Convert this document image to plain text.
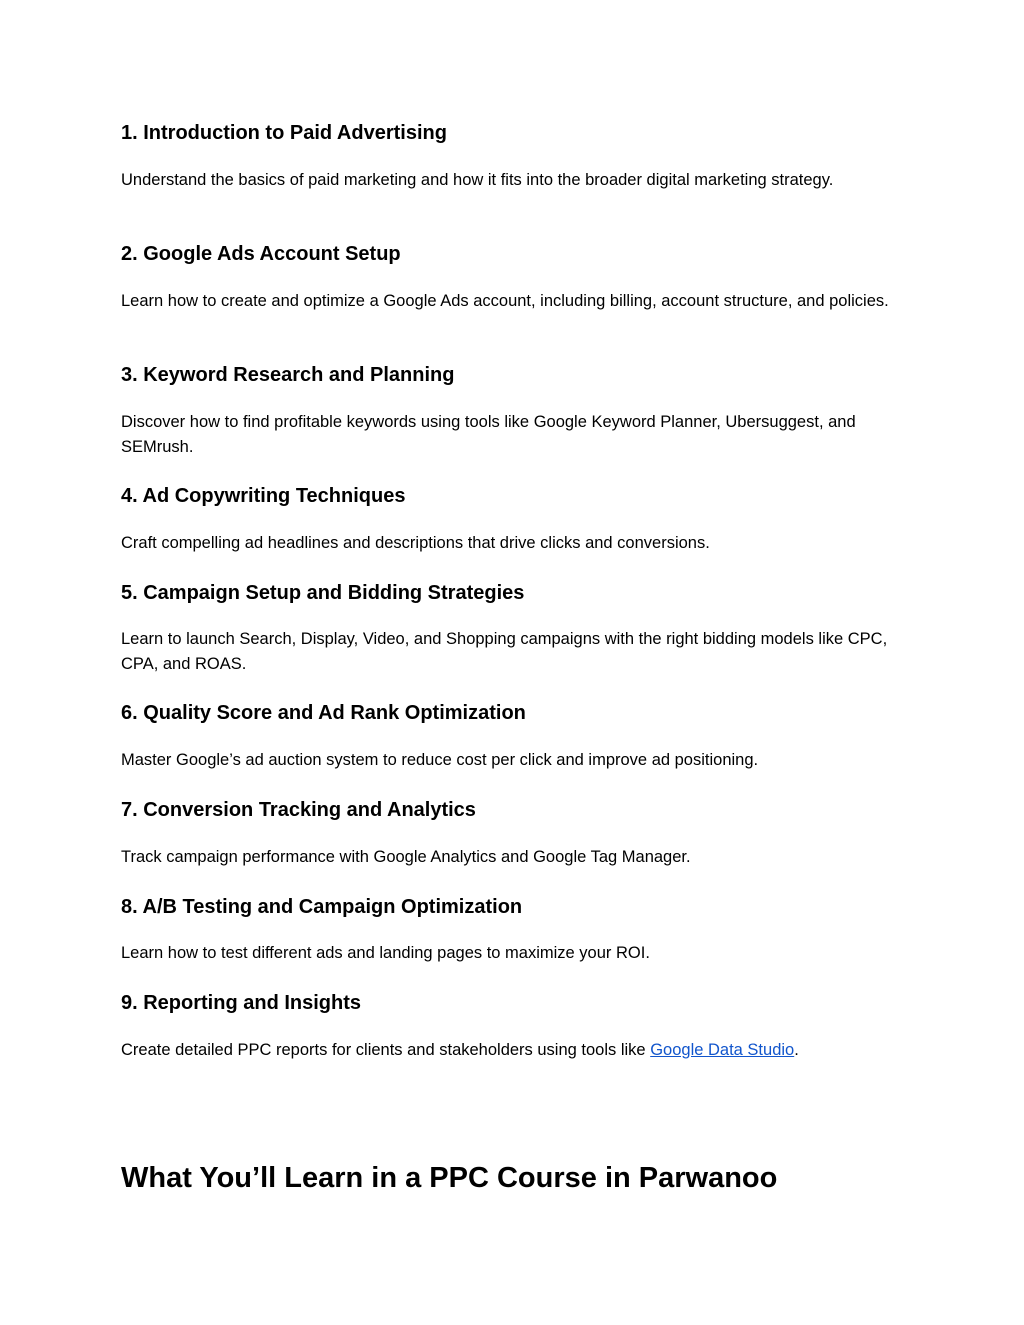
1. Introduction to Paid Advertising

Understand the basics of paid marketing and how it fits into the broader digital marketing strategy.

2. Google Ads Account Setup

Learn how to create and optimize a Google Ads account, including billing, account structure, and policies.

3. Keyword Research and Planning

Discover how to find profitable keywords using tools like Google Keyword Planner, Ubersuggest, and SEMrush.

4. Ad Copywriting Techniques

Craft compelling ad headlines and descriptions that drive clicks and conversions.

5. Campaign Setup and Bidding Strategies

Learn to launch Search, Display, Video, and Shopping campaigns with the right bidding models like CPC, CPA, and ROAS.

6. Quality Score and Ad Rank Optimization

Master Google’s ad auction system to reduce cost per click and improve ad positioning.

7. Conversion Tracking and Analytics

Track campaign performance with Google Analytics and Google Tag Manager.

8. A/B Testing and Campaign Optimization

Learn how to test different ads and landing pages to maximize your ROI.

9. Reporting and Insights

Create detailed PPC reports for clients and stakeholders using tools like Google Data Studio.

What You’ll Learn in a PPC Course in Parwanoo
